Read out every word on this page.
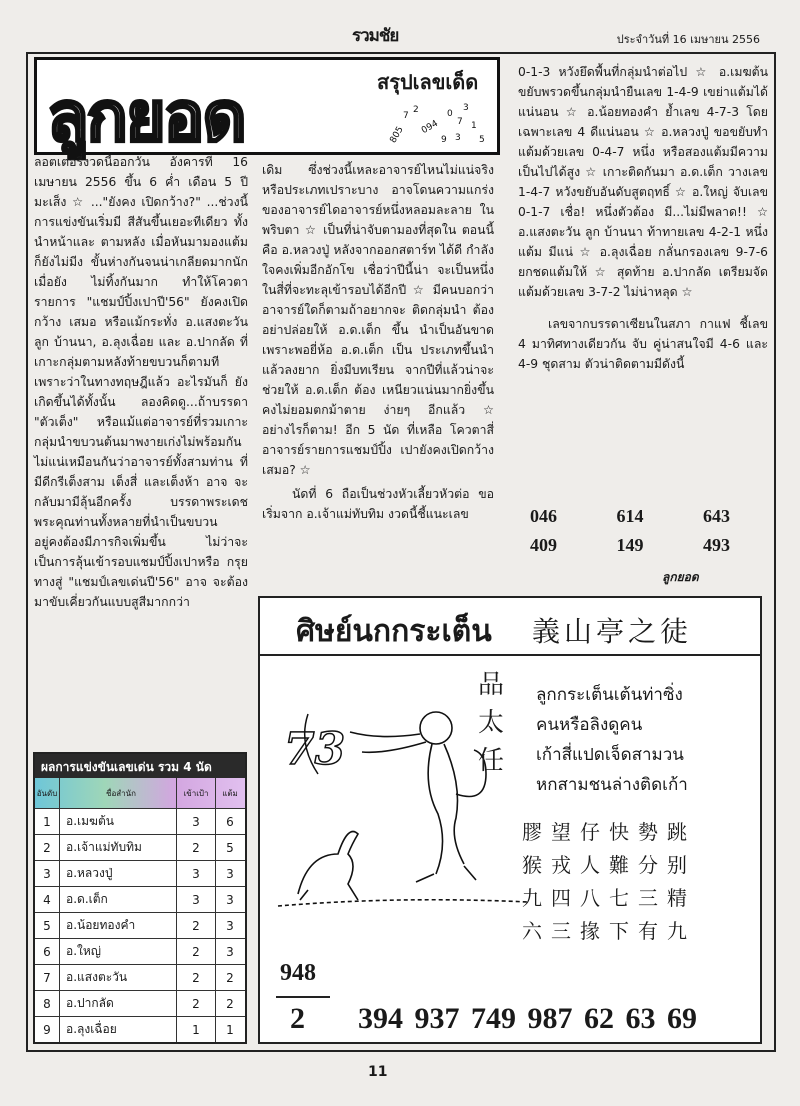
รวมชัย	ประจำวันที่ 16 เมษายน 2556
ลูกยอด	สรุปเลขเด็ด
805
7
2
094
0
7
3
1
9 3 5

ลอตเตอรี่งวดนี้ออกวัน อังคารที่ 16 เมษายน 2556 ขึ้น 6 ค่ำ เดือน 5 ปีมะเส็ง ☆ ..."ยังคง เปิดกว้าง?" ...ช่วงนี้การแข่งขันเริ่มมี สีสันขึ้นเยอะทีเดียว ทั้งนำหน้าและ ตามหลัง เมื่อหันมามองแต้มก็ยังไม่มีง ขั้นห่างกันจนน่าเกลียดมากนัก เมื่อยัง ไม่ทิ้งกันมาก ทำให้โควตารายการ "แชมป์ปิ้งเปาปี'56" ยังคงเปิดกว้าง เสมอ หรือแม้กระทั่ง อ.แสงตะวัน ลูก บ้านนา, อ.ลุงเฉื่อย และ อ.ปากลัด ที่ เกาะกลุ่มตามหลังท้ายขบวนก็ตามที เพราะว่าในทางทฤษฎีแล้ว อะไรมันก็ ยังเกิดขึ้นได้ทั้งนั้น ลองคิดดู...ถ้าบรรดา "ตัวเต็ง" หรือแม้แต่อาจารย์ที่รวมเกาะ กลุ่มนำขบวนต้นมาพงายเก่งไม่พร้อมกัน ไม่แน่เหมือนกันว่าอาจารย์ทั้งสามท่าน ที่มีดีกรีเต็งสาม เต็งสี่ และเต็งห้า อาจ จะกลับมามีลุ้นอีกครั้ง บรรดาพระเดช พระคุณท่านทั้งหลายที่นำเป็นขบวน อยู่คงต้องมีภารกิจเพิ่มขึ้น ไม่ว่าจะ เป็นการลุ้นเข้ารอบแชมป์ปิ้งเปาหรือ กรุยทางสู่ "แชมป์เลขเด่นปี'56" อาจ จะต้องมาขับเคี่ยวกันแบบสูสีมากกว่า

เดิม ซึ่งช่วงนี้เหละอาจารย์ไหนไม่แน่จริง หรือประเภทเปราะบาง อาจโดนความแกร่ง ของอาจารย์ไดอาจารย์หนึ่งหลอมละลาย ในพริบตา ☆ เป็นที่น่าจับตามองที่สุดใน ตอนนี้คือ อ.หลวงปู่ หลังจากออกสตาร์ท ได้ดี กำลังใจคงเพิ่มอีกอักโข เชื่อว่าปีนี้น่า จะเป็นหนึ่งในสี่ที่จะทะลุเข้ารอบได้อีกปี ☆ มีคนบอกว่าอาจารย์ใดก็ตามถ้าอยากจะ ติดกลุ่มนำ ต้องอย่าปล่อยให้ อ.ด.เต็ก ขึ้น นำเป็นอันขาด เพราะพอยี่ห้อ อ.ด.เต็ก เป็น ประเภทขึ้นนำแล้วลงยาก ยิ่งมีบทเรียน จากปีที่แล้วน่าจะช่วยให้ อ.ด.เต็ก ต้อง เหนียวแน่นมากยิ่งขึ้น คงไม่ยอมตกม้าตาย ง่ายๆ อีกแล้ว ☆ อย่างไรก็ตาม! อีก 5 นัด ที่เหลือ โควตาสี่อาจารย์รายการแชมป์ปิ้ง เปายังคงเปิดกว้างเสมอ? ☆

นัดที่ 6 ถือเป็นช่วงหัวเลี้ยวหัวต่อ ขอเริ่มจาก อ.เจ้าแม่ทับทิม งวดนี้ชี้แนะเลข

0-1-3 หวังยึดพื้นที่กลุ่มนำต่อไป ☆ อ.เมฆต้น ขยับพรวดขึ้นกลุ่มนำยืนเลข 1-4-9 เขย่าแต้มได้แน่นอน ☆ อ.น้อยทองคำ ย้ำเลข 4-7-3 โดย เฉพาะเลข 4 ดีแน่นอน ☆ อ.หลวงปู่ ขอขยับทำแต้มด้วยเลข 0-4-7 หนึ่ง หรือสองแต้มมีความเป็นไปได้สูง ☆ เกาะติดกันมา อ.ด.เต็ก วางเลข 1-4-7 หวังขยับอันดับสูตฤทธิ์ ☆ อ.ใหญ่ จับเลข 0-1-7 เชื่อ! หนึ่งตัวต้อง มี...ไม่มีพลาด!! ☆ อ.แสงตะวัน ลูก บ้านนา ท้าทายเลข 4-2-1 หนึ่งแต้ม มีแน่ ☆ อ.ลุงเฉื่อย กลั่นกรองเลข 9-7-6 ยกชดแต้มให้ ☆ สุดท้าย อ.ปากลัด เตรียมจัดแต้มด้วยเลข 3-7-2 ไม่น่าหลุด ☆

เลขจากบรรดาเซียนในสภา กาแฟ ชี้เลข 4 มาทิศทางเดียวกัน จับ คู่น่าสนใจมี 4-6 และ 4-9 ชุดสาม ตัวน่าติดตามมีดังนี้

046	614	643
409	149	493
ลูกยอด
ผลการแข่งขันเลขเด่น รวม 4 นัด
อันดับ	ชื่อสำนัก	เข้าเป้า	แต้ม
1	อ.เมฆต้น	3	6
2	อ.เจ้าแม่ทับทิม	2	5
3	อ.หลวงปู่	3	3
4	อ.ด.เต็ก	3	3
5	อ.น้อยทองคำ	2	3
6	อ.ใหญ่	2	3
7	อ.แสงตะวัน	2	2
8	อ.ปากลัด	2	2
9	อ.ลุงเฉื่อย	1	1
ศิษย์นกกระเต็น 義山亭之徒
73
品
太
任
ลูกกระเต็นเต้นท่าซิ่ง
คนหรือลิงดูคน
เก้าสี่แปดเจ็ดสามวน
หกสามชนล่างติดเก้า
膠望仔快勢跳
猴戎人難分别
九四八七三精
六三掾下有九
948
2 394 937 749 987 62 63 69
11
